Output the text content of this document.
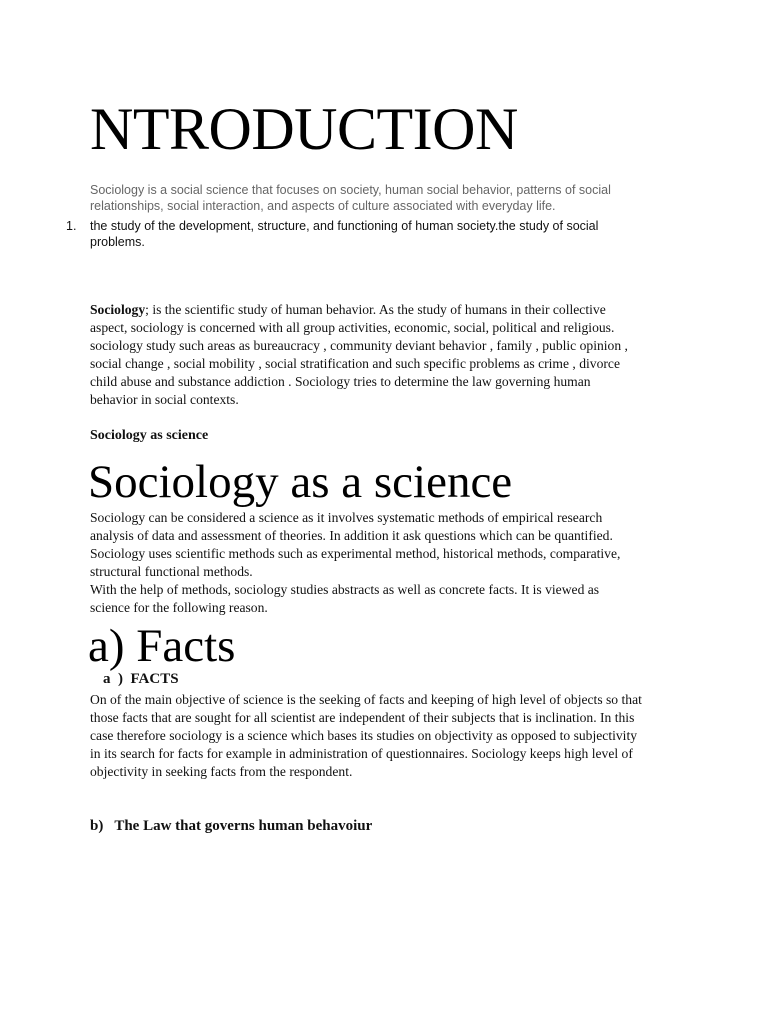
NTRODUCTION

Sociology is a social science that focuses on society, human social behavior, patterns of social relationships, social interaction, and aspects of culture associated with everyday life.

1. the study of the development, structure, and functioning of human society.the study of social problems.

Sociology; is the scientific study of human behavior. As the study of humans in their collective aspect, sociology is concerned with all group activities, economic, social, political and religious. sociology study such areas as bureaucracy , community deviant behavior , family , public opinion , social change , social mobility , social stratification and such specific problems as crime , divorce child abuse and substance addiction . Sociology tries to determine the law governing human behavior in social contexts.

Sociology as science
Sociology as a science

Sociology can be considered a science as it involves systematic methods of empirical research analysis of data and assessment of theories. In addition it ask questions which can be quantified. Sociology uses scientific methods such as experimental method, historical methods, comparative, structural functional methods.

With the help of methods, sociology studies abstracts as well as concrete facts. It is viewed as science for the following reason.

a) Facts
a  )  FACTS

On of the main objective of science is the seeking of facts and keeping of high level of objects so that those facts that are sought for all scientist are independent of their subjects that is inclination. In this case therefore sociology is a science which bases its studies on objectivity as opposed to subjectivity in its search for facts for example in administration of questionnaires. Sociology keeps high level of objectivity in seeking facts from the respondent.

b)   The Law that governs human behavoiur
